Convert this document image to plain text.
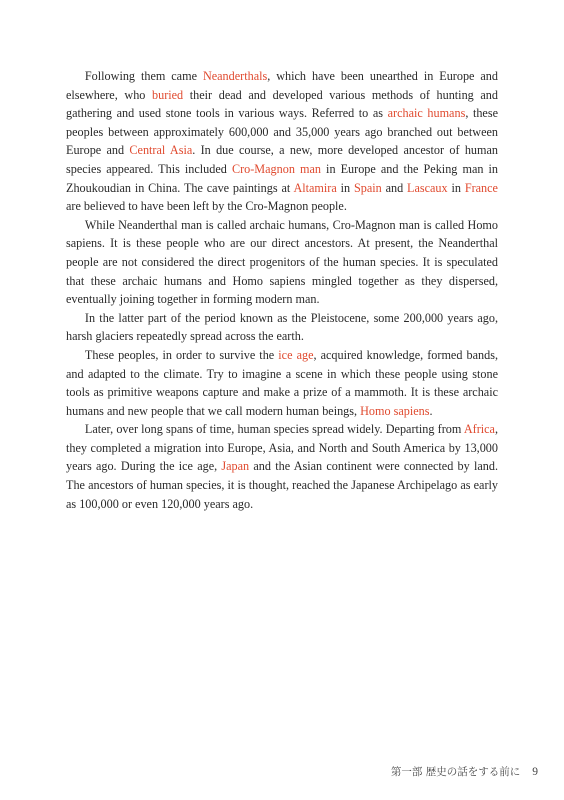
Following them came Neanderthals, which have been unearthed in Europe and elsewhere, who buried their dead and developed various methods of hunting and gathering and used stone tools in various ways. Referred to as archaic humans, these peoples between approximately 600,000 and 35,000 years ago branched out between Europe and Central Asia. In due course, a new, more developed ancestor of human species appeared. This included Cro-Magnon man in Europe and the Peking man in Zhoukoudian in China. The cave paintings at Altamira in Spain and Lascaux in France are believed to have been left by the Cro-Magnon people.

While Neanderthal man is called archaic humans, Cro-Magnon man is called Homo sapiens. It is these people who are our direct ancestors. At present, the Neanderthal people are not considered the direct progenitors of the human species. It is speculated that these archaic humans and Homo sapiens mingled together as they dispersed, eventually joining together in forming modern man.

In the latter part of the period known as the Pleistocene, some 200,000 years ago, harsh glaciers repeatedly spread across the earth.

These peoples, in order to survive the ice age, acquired knowledge, formed bands, and adapted to the climate. Try to imagine a scene in which these people using stone tools as primitive weapons capture and make a prize of a mammoth. It is these archaic humans and new people that we call modern human beings, Homo sapiens.

Later, over long spans of time, human species spread widely. Departing from Africa, they completed a migration into Europe, Asia, and North and South America by 13,000 years ago. During the ice age, Japan and the Asian continent were connected by land. The ancestors of human species, it is thought, reached the Japanese Archipelago as early as 100,000 or even 120,000 years ago.

第一部 歴史の話をする前に 9
